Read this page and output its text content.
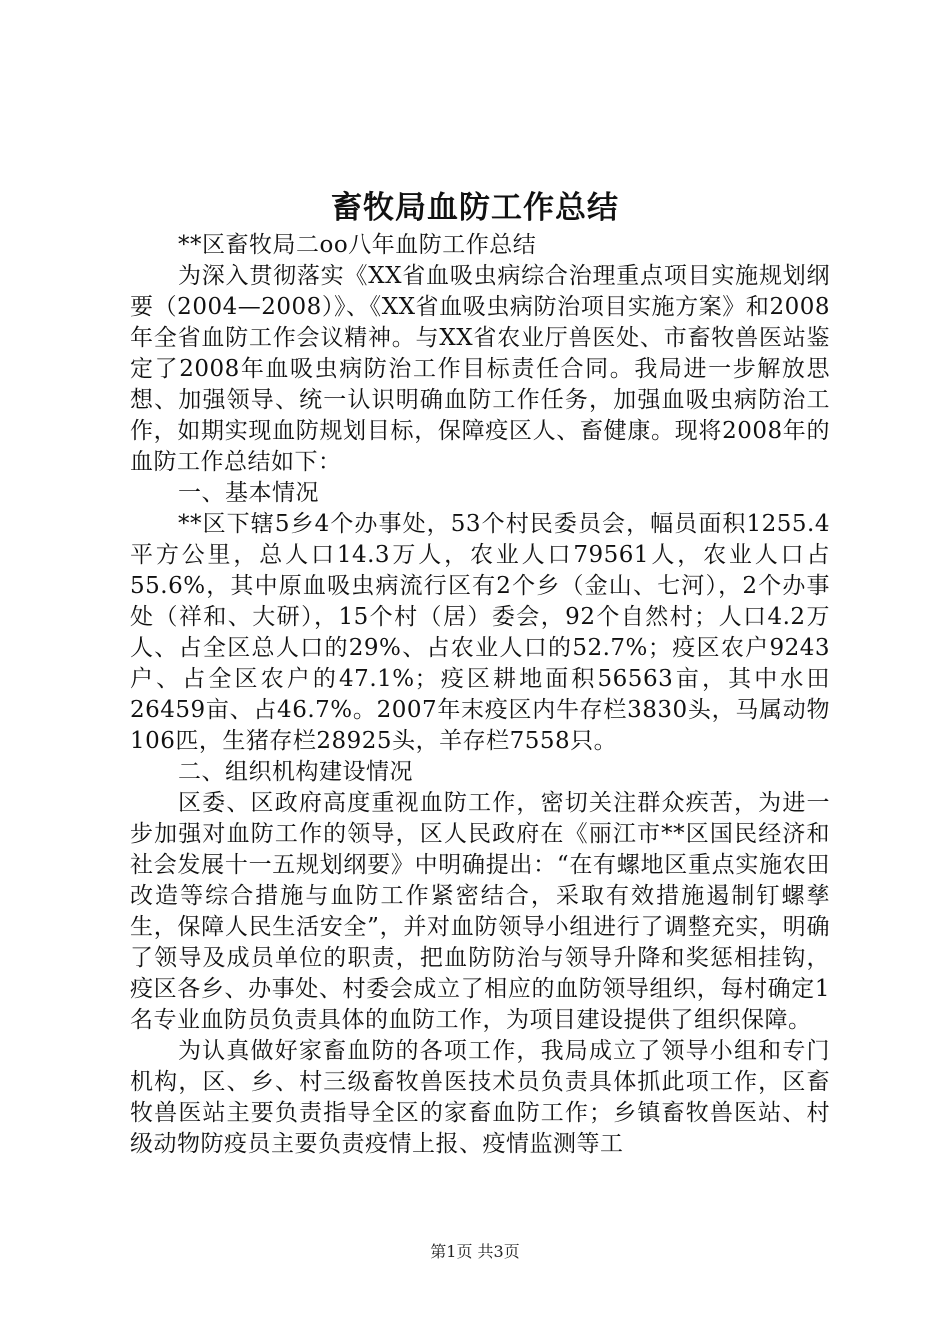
畜牧局血防工作总结

**区畜牧局二oo八年血防工作总结

为深入贯彻落实《XX省血吸虫病综合治理重点项目实施规划纲要（2004—2008）》、《XX省血吸虫病防治项目实施方案》和2008年全省血防工作会议精神。与XX省农业厅兽医处、市畜牧兽医站鉴定了2008年血吸虫病防治工作目标责任合同。我局进一步解放思想、加强领导、统一认识明确血防工作任务，加强血吸虫病防治工作，如期实现血防规划目标，保障疫区人、畜健康。现将2008年的血防工作总结如下：

一、基本情况

**区下辖5乡4个办事处，53个村民委员会，幅员面积1255.4平方公里，总人口14.3万人，农业人口79561人，农业人口占55.6%，其中原血吸虫病流行区有2个乡（金山、七河），2个办事处（祥和、大研），15个村（居）委会，92个自然村；人口4.2万人、占全区总人口的29%、占农业人口的52.7%；疫区农户9243户、占全区农户的47.1%；疫区耕地面积56563亩，其中水田26459亩、占46.7%。2007年末疫区内牛存栏3830头，马属动物106匹，生猪存栏28925头，羊存栏7558只。

二、组织机构建设情况

区委、区政府高度重视血防工作，密切关注群众疾苦，为进一步加强对血防工作的领导，区人民政府在《丽江市**区国民经济和社会发展十一五规划纲要》中明确提出：“在有螺地区重点实施农田改造等综合措施与血防工作紧密结合，采取有效措施遏制钉螺孳生，保障人民生活安全”，并对血防领导小组进行了调整充实，明确了领导及成员单位的职责，把血防防治与领导升降和奖惩相挂钩，疫区各乡、办事处、村委会成立了相应的血防领导组织，每村确定1名专业血防员负责具体的血防工作，为项目建设提供了组织保障。

为认真做好家畜血防的各项工作，我局成立了领导小组和专门机构，区、乡、村三级畜牧兽医技术员负责具体抓此项工作，区畜牧兽医站主要负责指导全区的家畜血防工作；乡镇畜牧兽医站、村级动物防疫员主要负责疫情上报、疫情监测等工

第1页 共3页
